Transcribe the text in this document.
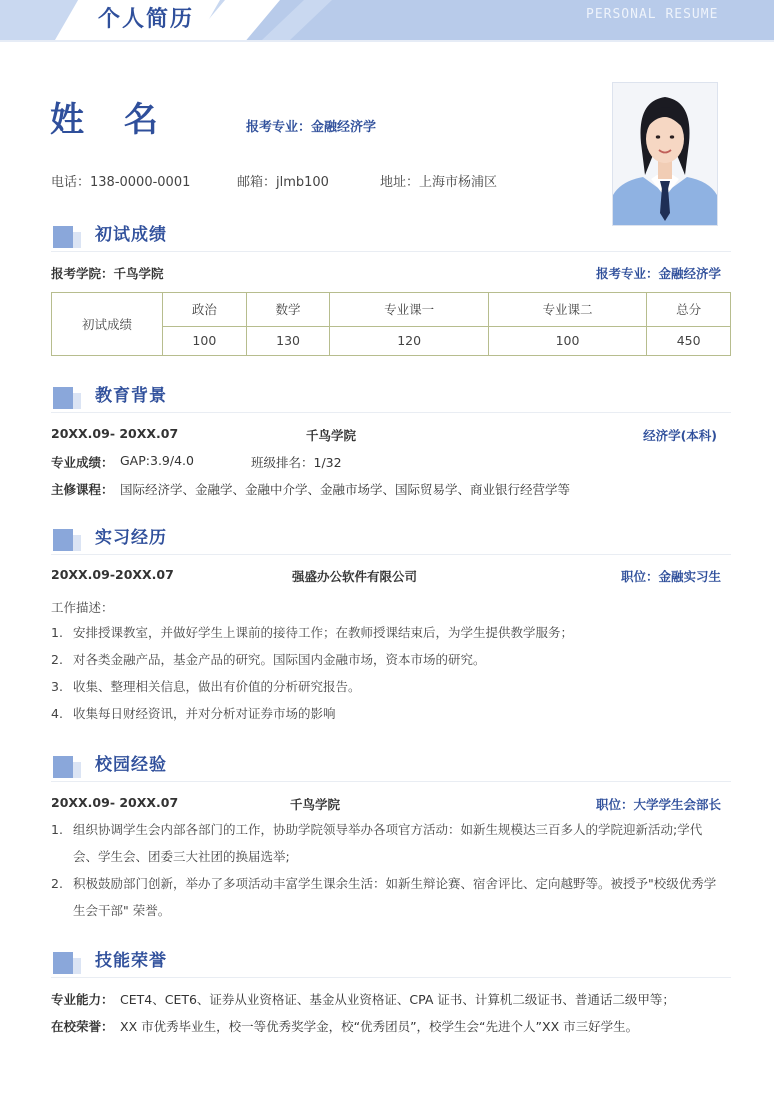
个人简历	PERSONAL RESUME
姓 名	报考专业：金融经济学
电话：138-0000-0001	邮箱：jlmb100	地址：上海市杨浦区
初试成绩
报考学院：千鸟学院	报考专业：金融经济学
初试成绩	政治	数学	专业课一	专业课二	总分
	100	130	120	100	450
教育背景
20XX.09- 20XX.07	千鸟学院	经济学(本科)
专业成绩： GAP:3.9/4.0	班级排名：1/32
主修课程： 国际经济学、金融学、金融中介学、金融市场学、国际贸易学、商业银行经营学等
实习经历
20XX.09-20XX.07	强盛办公软件有限公司	职位：金融实习生
工作描述：
1. 安排授课教室，并做好学生上课前的接待工作；在教师授课结束后，为学生提供教学服务；
2. 对各类金融产品，基金产品的研究。国际国内金融市场，资本市场的研究。
3. 收集、整理相关信息，做出有价值的分析研究报告。
4. 收集每日财经资讯，并对分析对证券市场的影响
校园经验
20XX.09- 20XX.07	千鸟学院	职位：大学学生会部长
1. 组织协调学生会内部各部门的工作，协助学院领导举办各项官方活动：如新生规模达三百多人的学院迎新活动;学代会、学生会、团委三大社团的换届选举;
2. 积极鼓励部门创新，举办了多项活动丰富学生课余生活：如新生辩论赛、宿舍评比、定向越野等。被授予"校级优秀学生会干部" 荣誉。
技能荣誉
专业能力： CET4、CET6、证券从业资格证、基金从业资格证、CPA 证书、计算机二级证书、普通话二级甲等；
在校荣誉： XX 市优秀毕业生，校一等优秀奖学金，校“优秀团员”，校学生会“先进个人”XX 市三好学生。
